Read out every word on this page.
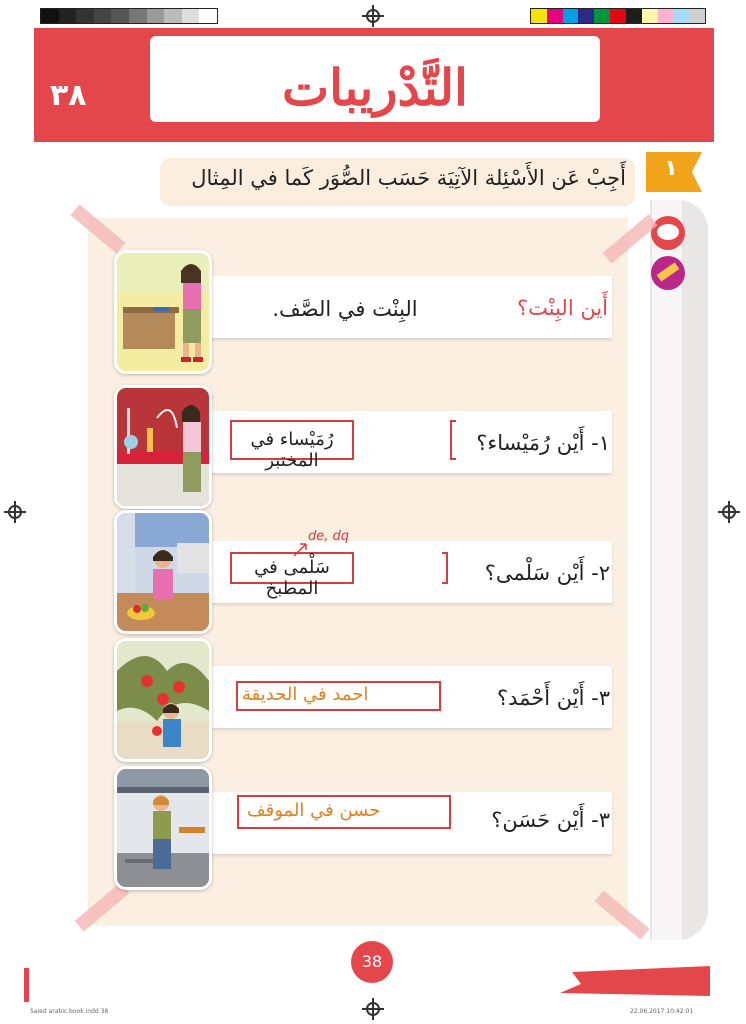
التَّدْريبات
٣٨
أَجِبْ عَن الأَسْئِلة الآتِيَة حَسَب الصُّوَر كَما في المِثال	١
أَين البِنْت؟
البِنْت في الصَّف.
١- أَيْن رُمَيْساء؟
رُمَيْساء في المختبر
٢- أَيْن سَلْمى؟
سَلْمى في المطبخ
de, dq
٣- أَيْن أَحْمَد؟
احمد في الحديقة
٣- أَيْن حَسَن؟
حسن في الموقف
38
Saied arabic book.indd 38	22.06.2017 10:42:01
